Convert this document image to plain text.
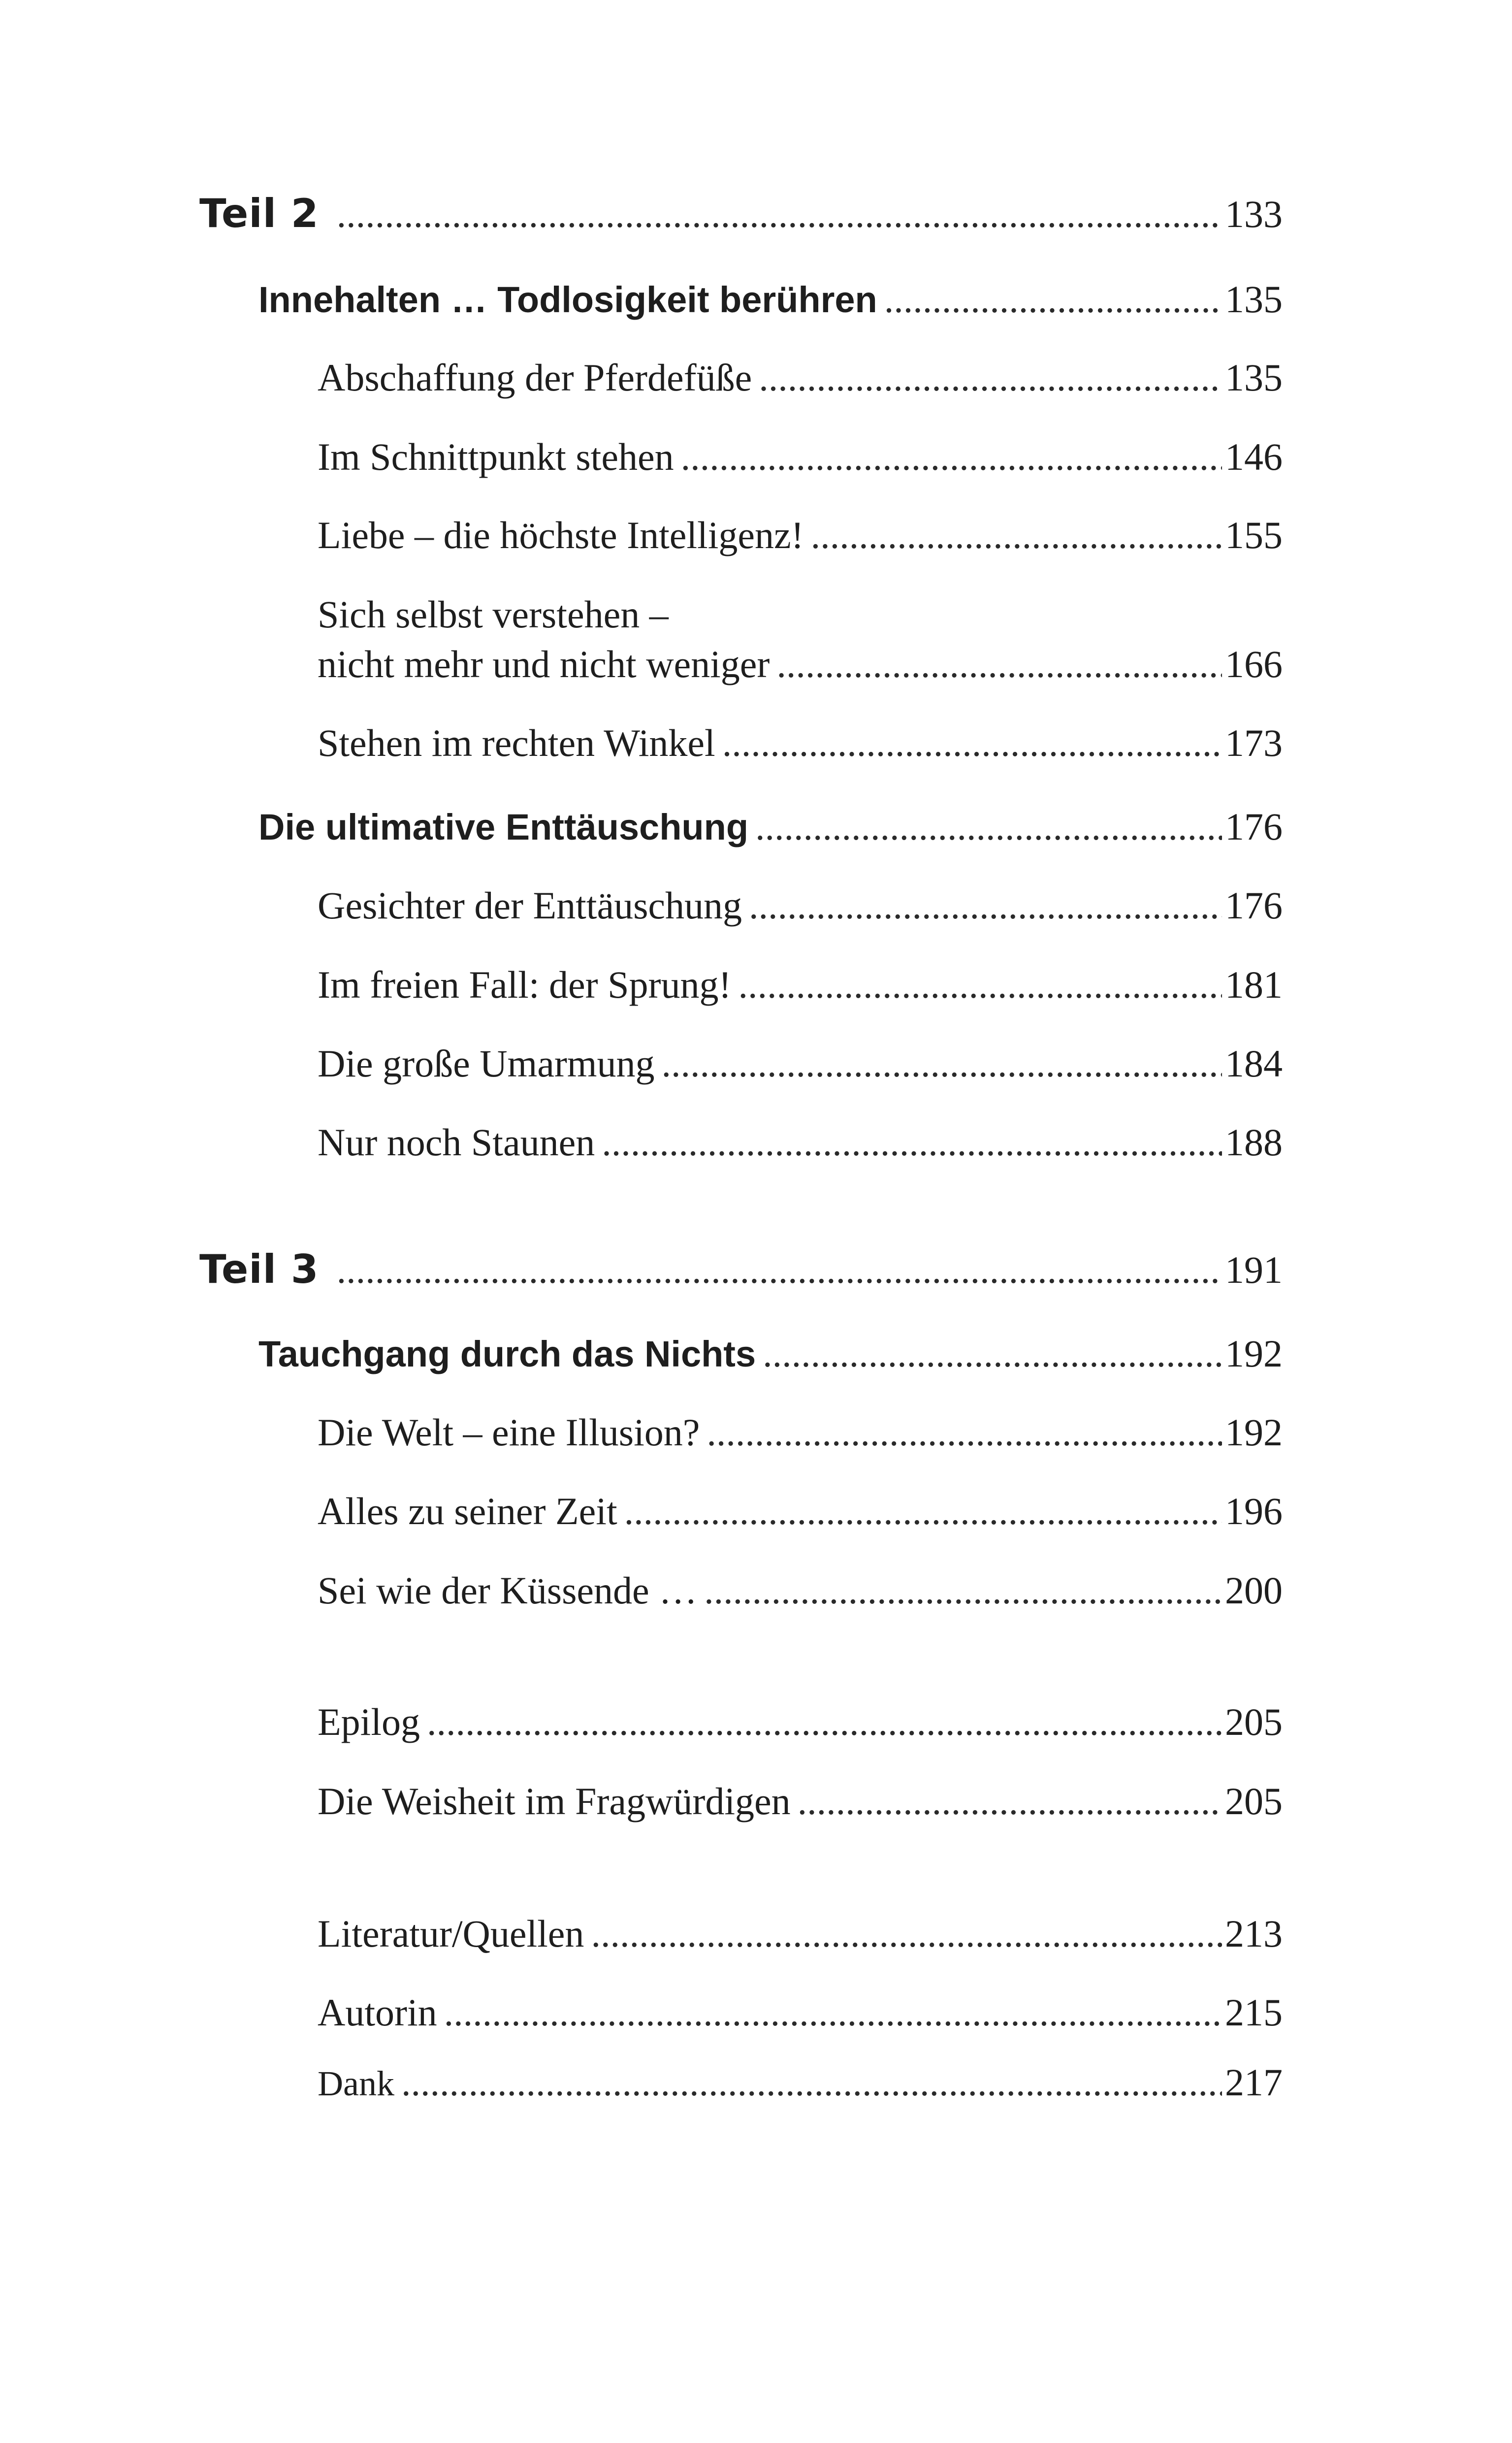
Teil 2 .....	133
Innehalten … Todlosigkeit berühren .....	135
Abschaffung der Pferdefüße .....	135
Im Schnittpunkt stehen .....	146
Liebe – die höchste Intelligenz! .....	155
Sich selbst verstehen –
nicht mehr und nicht weniger .....	166
Stehen im rechten Winkel .....	173
Die ultimative Enttäuschung .....	176
Gesichter der Enttäuschung .....	176
Im freien Fall: der Sprung! .....	181
Die große Umarmung .....	184
Nur noch Staunen .....	188
Teil 3 .....	191
Tauchgang durch das Nichts .....	192
Die Welt – eine Illusion? .....	192
Alles zu seiner Zeit .....	196
Sei wie der Küssende … .....	200
Epilog .....	205
Die Weisheit im Fragwürdigen .....	205
Literatur/Quellen .....	213
Autorin .....	215
Dank .....	217
